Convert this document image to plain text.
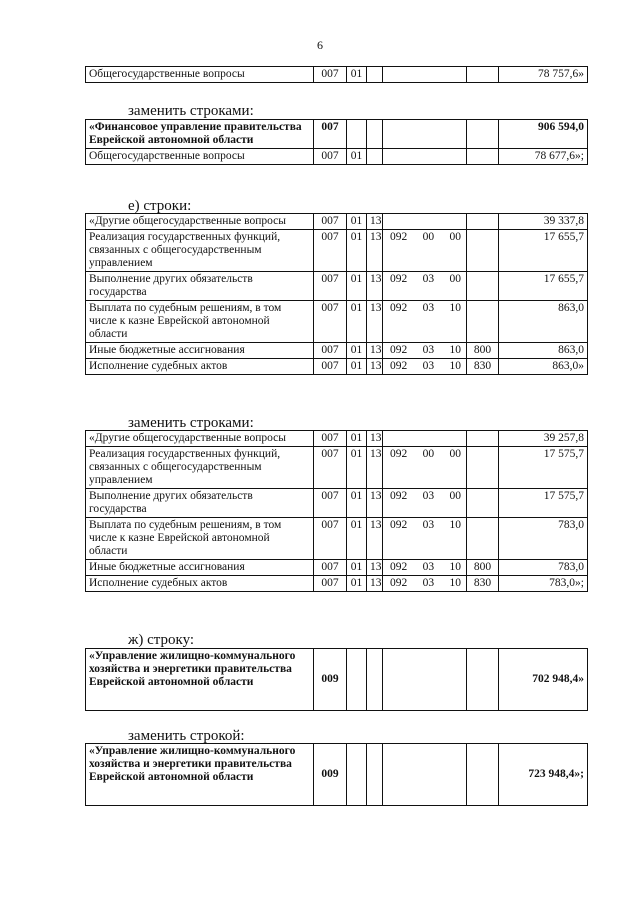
6
Общегосударственные вопросы	007	01				78 757,6»
заменить строками:
«Финансовое управление правительства Еврейской автономной области	007					906 594,0
Общегосударственные вопросы	007	01				78 677,6»;
е) строки:
«Другие общегосударственные вопросы	007	01	13			39 337,8
Реализация государственных функций, связанных с общегосударственным управлением	007	01	13	092 00 00		17 655,7
Выполнение других обязательств государства	007	01	13	092 03 00		17 655,7
Выплата по судебным решениям, в том числе к казне Еврейской автономной области	007	01	13	092 03 10		863,0
Иные бюджетные ассигнования	007	01	13	092 03 10	800	863,0
Исполнение судебных актов	007	01	13	092 03 10	830	863,0»
заменить строками:
«Другие общегосударственные вопросы	007	01	13			39 257,8
Реализация государственных функций, связанных с общегосударственным управлением	007	01	13	092 00 00		17 575,7
Выполнение других обязательств государства	007	01	13	092 03 00		17 575,7
Выплата по судебным решениям, в том числе к казне Еврейской автономной области	007	01	13	092 03 10		783,0
Иные бюджетные ассигнования	007	01	13	092 03 10	800	783,0
Исполнение судебных актов	007	01	13	092 03 10	830	783,0»;
ж) строку:
«Управление жилищно-коммунального хозяйства и энергетики правительства Еврейской автономной области	009					702 948,4»
заменить строкой:
«Управление жилищно-коммунального хозяйства и энергетики правительства Еврейской автономной области	009					723 948,4»;
